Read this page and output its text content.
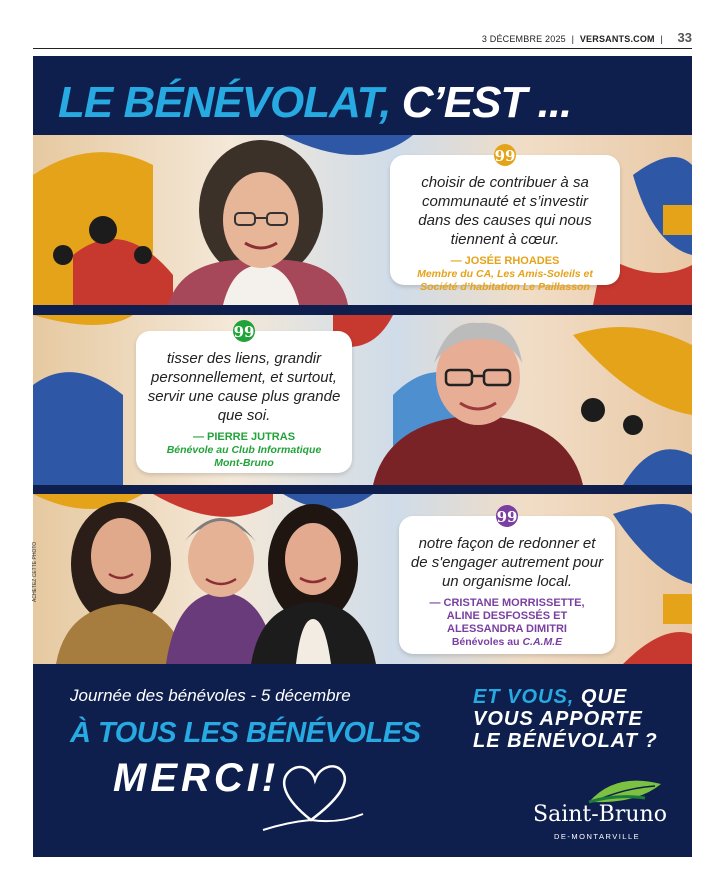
3 DÉCEMBRE 2025 | VERSANTS.COM | 33
LE BÉNÉVOLAT, C’EST ...
99
choisir de contribuer à sa communauté et s’investir dans des causes qui nous tiennent à cœur.
— JOSÉE RHOADES
Membre du CA, Les Amis-Soleils et Société d’habitation Le Paillasson
99
tisser des liens, grandir personnellement, et surtout, servir une cause plus grande que soi.
— PIERRE JUTRAS
Bénévole au Club Informatique Mont-Bruno
ACHETEZ CETTE PHOTO
99
notre façon de redonner et de s'engager autrement pour un organisme local.
— CRISTANE MORRISSETTE, ALINE DESFOSSÉS ET ALESSANDRA DIMITRI
Bénévoles au C.A.M.E
Journée des bénévoles - 5 décembre
À TOUS LES BÉNÉVOLES
MERCI!
ET VOUS, QUE
VOUS APPORTE
LE BÉNÉVOLAT ?
Saint-Bruno
DE-MONTARVILLE
